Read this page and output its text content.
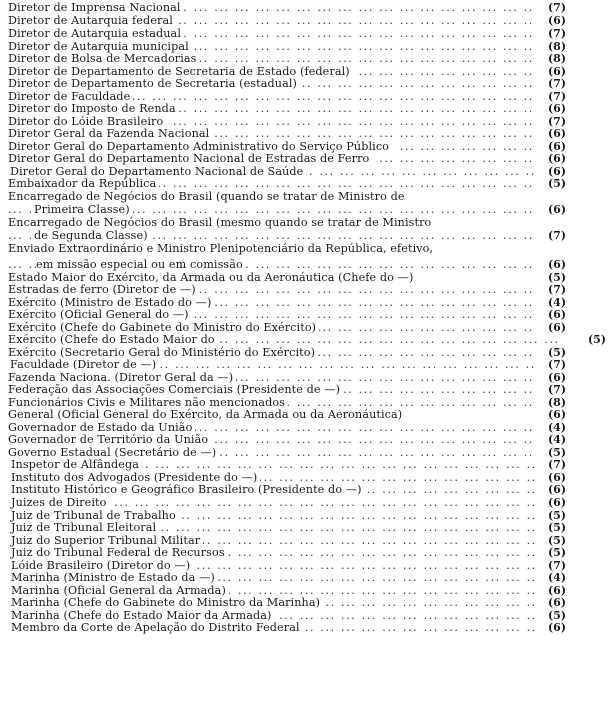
Diretor de Imprensa Nacional ... .	(7)
Diretor de Autarquia federal ... .	(6)
Diretor de Autarquia estadual ... .	(7)
Diretor de Autarquia municipal ... .	(8)
Diretor de Bolsa de Mercadorias ... .	(8)
Diretor de Departamento de Secretaria de Estado (federal) ... .	(6)
Diretor de Departamento de Secretaria (estadual) ... .	(7)
Diretor de Faculdade ... .	(7)
Diretor do Imposto de Renda ... .	(6)
Diretor do Lóide Brasileiro ... .	(7)
Diretor Geral da Fazenda Nacional ... .	(6)
Diretor Geral do Departamento Administrativo do Serviço Público ... .	(6)
Diretor Geral do Departamento Nacional de Estradas de Ferro ... .	(6)
Diretor Geral do Departamento Nacional de Saúde ... .	(6)
Embaixador da República ... .	(5)
Encarregado de Negócios do Brasil (quando se tratar de Ministro de
Primeira Classe) ... .	(6)
Encarregado de Negócios do Brasil (mesmo quando se tratar de Ministro
de Segunda Classe) ... .	(7)
Enviado Extraordinário e Ministro Plenipotenciário da República, efetivo,
em missão especial ou em comissão ... .	(6)
Estado Maior do Exército, da Armada ou da Aeronáutica (Chefe do —)	(5)
Estradas de ferro (Diretor de —) ... .	(7)
Exército (Ministro de Estado do —) ... .	(4)
Exército (Oficial General do —) ... .	(6)
Exército (Chefe do Gabinete do Ministro do Exército) ... .	(6)
Exército (Chefe do Estado Maior do ... .	(5)
Exército (Secretario Geral do Ministério do Exército) ... .	(5)
Faculdade (Diretor de —) ... .	(7)
Fazenda Naciona. (Diretor Geral da —) ... .	(6)
Federação das Associações Comerciais (Presidente de —) ... .	(7)
Funcionários Civis e Militares não mencionados ... .	(8)
General (Oficial General do Exército, da Armada ou da Aeronáutica)	(6)
Governador de Estado da União ... .	(4)
Governador de Território da União ... .	(4)
Governo Estadual (Secretário de —) ... .	(5)
Inspetor de Alfândega ... .	(7)
Instituto dos Advogados (Presidente do —) ... .	(6)
Instituto Histórico e Geográfico Brasileiro (Presidente do —) ... .	(6)
Juizes de Direito ... .	(6)
Juiz de Tribunal de Trabalho ... .	(5)
Juiz de Tribunal Eleitoral ... .	(5)
Juiz do Superior Tribunal Militar ... .	(5)
Juiz do Tribunal Federal de Recursos ... .	(5)
Lóide Brasileiro (Diretor do —) ... .	(7)
Marinha (Ministro de Estado da —) ... .	(4)
Marinha (Oficial General da Armada) ... .	(6)
Marinha (Chefe do Gabinete do Ministro da Marinha) ... .	(6)
Marinha (Chefe do Estado Maior da Armada) ... .	(5)
Membro da Corte de Apelação do Distrito Federal ... .	(6)
